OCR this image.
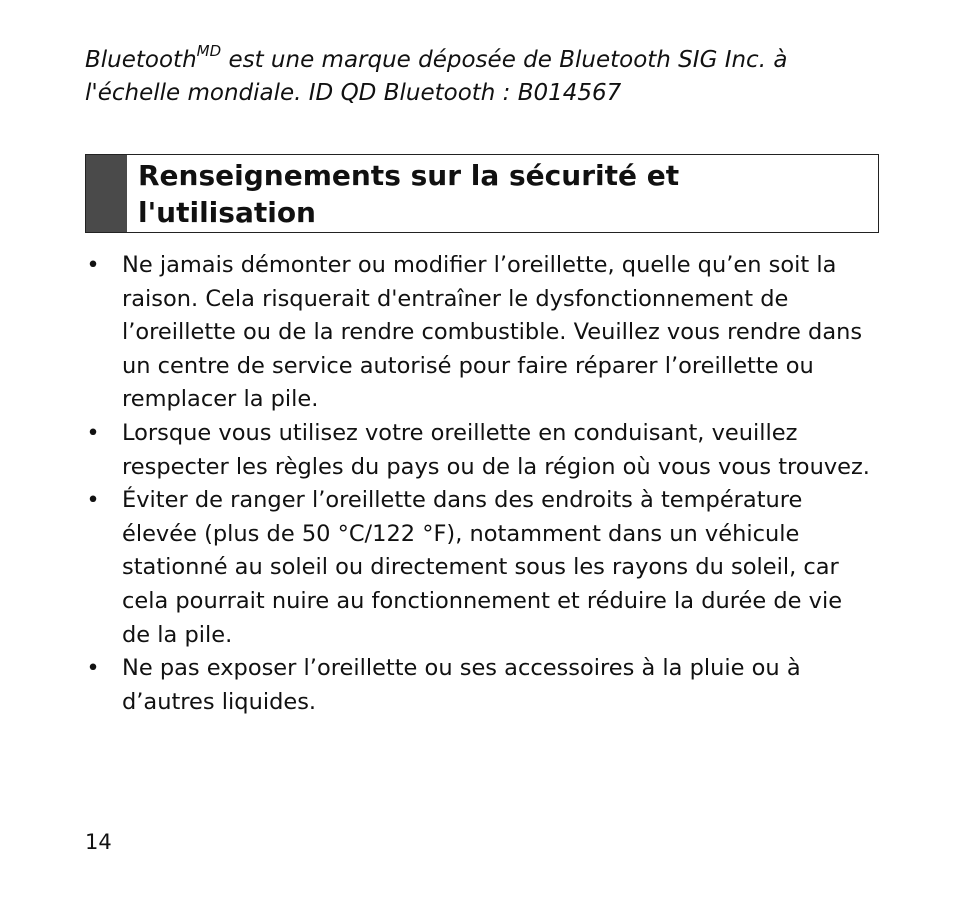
Bluetooth$^{MD}$ est une marque déposée de Bluetooth SIG Inc. à
l'échelle mondiale. ID QD Bluetooth : B014567

Renseignements sur la sécurité et
l'utilisation
• Ne jamais démonter ou modifier l’oreillette, quelle qu’en soit la raison. Cela risquerait d'entraîner le dysfonctionnement de l’oreillette ou de la rendre combustible. Veuillez vous rendre dans un centre de service autorisé pour faire réparer l’oreillette ou remplacer la pile.
• Lorsque vous utilisez votre oreillette en conduisant, veuillez respecter les règles du pays ou de la région où vous vous trouvez.
• Éviter de ranger l’oreillette dans des endroits à température élevée (plus de 50 °C/122 °F), notamment dans un véhicule stationné au soleil ou directement sous les rayons du soleil, car cela pourrait nuire au fonctionnement et réduire la durée de vie de la pile.
• Ne pas exposer l’oreillette ou ses accessoires à la pluie ou à d’autres liquides.
14
